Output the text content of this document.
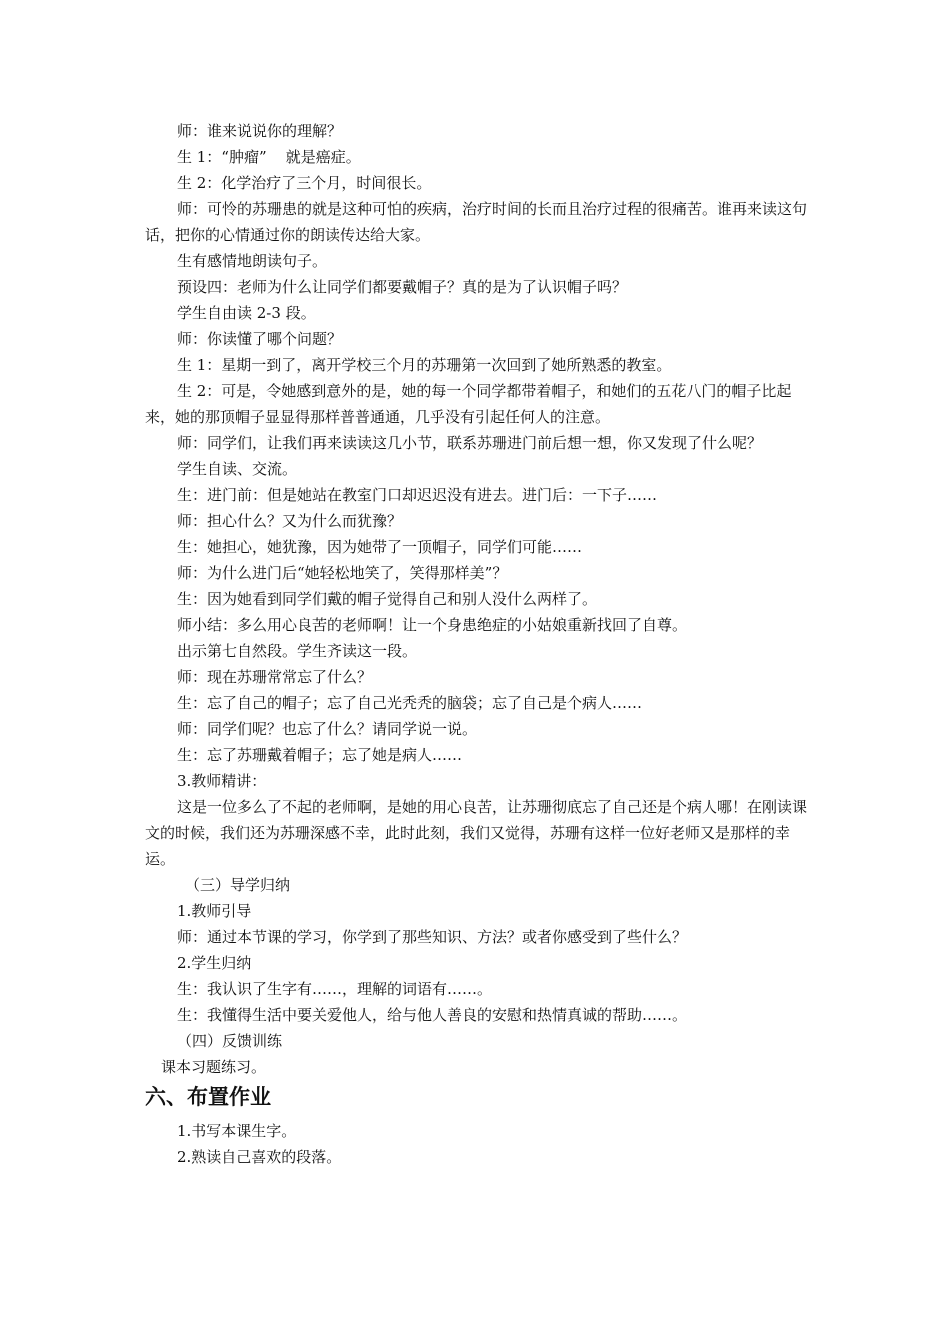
师：谁来说说你的理解？

生 1：“肿瘤”    就是癌症。

生 2：化学治疗了三个月，时间很长。

师：可怜的苏珊患的就是这种可怕的疾病，治疗时间的长而且治疗过程的很痛苦。谁再来读这句话，把你的心情通过你的朗读传达给大家。

生有感情地朗读句子。

预设四：老师为什么让同学们都要戴帽子？真的是为了认识帽子吗？

学生自由读 2-3 段。

师：你读懂了哪个问题？

生 1：星期一到了，离开学校三个月的苏珊第一次回到了她所熟悉的教室。

生 2：可是，令她感到意外的是，她的每一个同学都带着帽子，和她们的五花八门的帽子比起来，她的那顶帽子显显得那样普普通通，几乎没有引起任何人的注意。

师：同学们，让我们再来读读这几小节，联系苏珊进门前后想一想，你又发现了什么呢？

学生自读、交流。

生：进门前：但是她站在教室门口却迟迟没有进去。进门后：一下子……

师：担心什么？又为什么而犹豫？

生：她担心，她犹豫，因为她带了一顶帽子，同学们可能……

师：为什么进门后“她轻松地笑了，笑得那样美”？

生：因为她看到同学们戴的帽子觉得自己和别人没什么两样了。

师小结：多么用心良苦的老师啊！让一个身患绝症的小姑娘重新找回了自尊。

出示第七自然段。学生齐读这一段。

师：现在苏珊常常忘了什么？

生：忘了自己的帽子；忘了自己光秃秃的脑袋；忘了自己是个病人……

师：同学们呢？也忘了什么？请同学说一说。

生：忘了苏珊戴着帽子；忘了她是病人……

3.教师精讲：

这是一位多么了不起的老师啊，是她的用心良苦，让苏珊彻底忘了自己还是个病人哪！在刚读课文的时候，我们还为苏珊深感不幸，此时此刻，我们又觉得，苏珊有这样一位好老师又是那样的幸运。

（三）导学归纳

1.教师引导

师：通过本节课的学习，你学到了那些知识、方法？或者你感受到了些什么？

2.学生归纳

生：我认识了生字有……，理解的词语有……。

生：我懂得生活中要关爱他人，给与他人善良的安慰和热情真诚的帮助……。

（四）反馈训练

课本习题练习。

六、布置作业

1.书写本课生字。

2.熟读自己喜欢的段落。
